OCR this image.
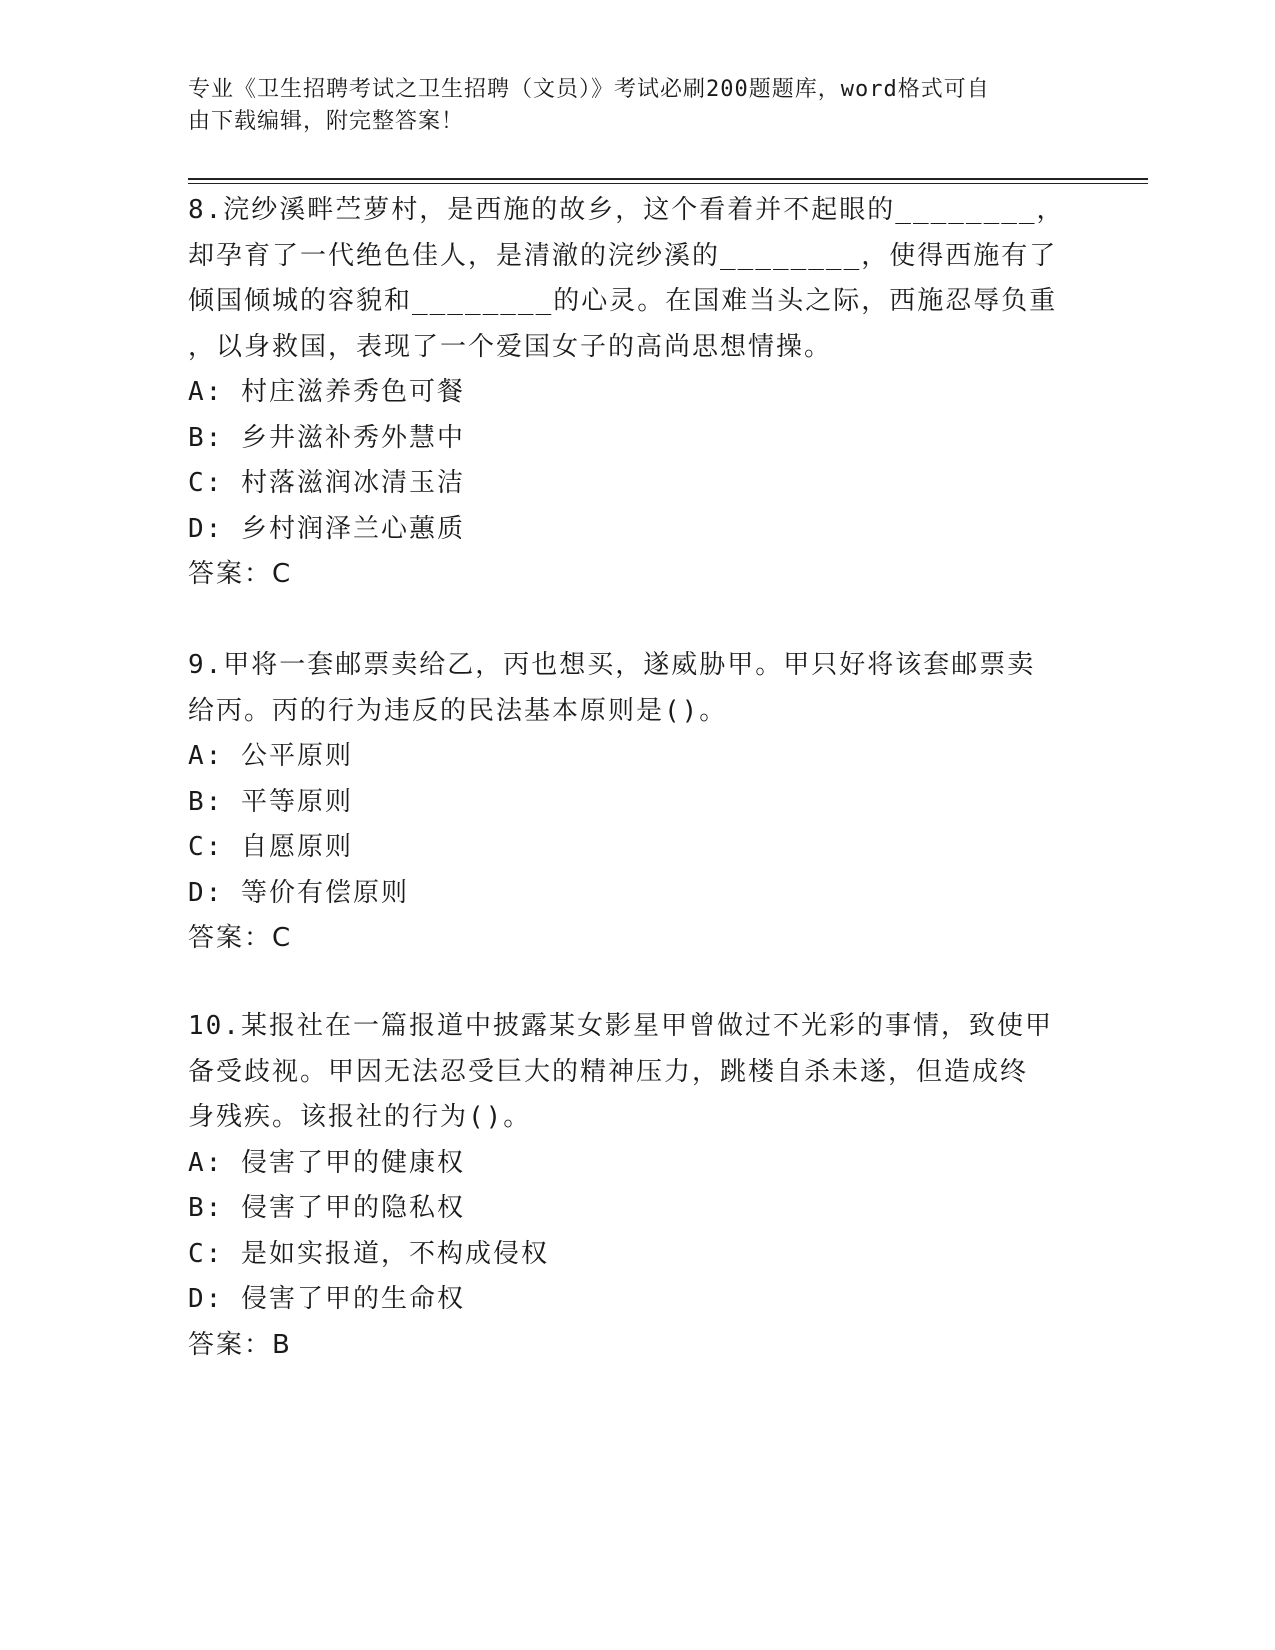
专业《卫生招聘考试之卫生招聘（文员）》考试必刷200题题库，word格式可自
由下载编辑，附完整答案！

8.浣纱溪畔苎萝村，是西施的故乡，这个看着并不起眼的________，

却孕育了一代绝色佳人，是清澈的浣纱溪的________，使得西施有了

倾国倾城的容貌和________的心灵。在国难当头之际，西施忍辱负重

，以身救国，表现了一个爱国女子的高尚思想情操。

A: 村庄滋养秀色可餐

B: 乡井滋补秀外慧中

C: 村落滋润冰清玉洁

D: 乡村润泽兰心蕙质

答案：C

9.甲将一套邮票卖给乙，丙也想买，遂威胁甲。甲只好将该套邮票卖

给丙。丙的行为违反的民法基本原则是()。

A: 公平原则

B: 平等原则

C: 自愿原则

D: 等价有偿原则

答案：C

10.某报社在一篇报道中披露某女影星甲曾做过不光彩的事情，致使甲

备受歧视。甲因无法忍受巨大的精神压力，跳楼自杀未遂，但造成终

身残疾。该报社的行为()。

A: 侵害了甲的健康权

B: 侵害了甲的隐私权

C: 是如实报道，不构成侵权

D: 侵害了甲的生命权

答案：B
